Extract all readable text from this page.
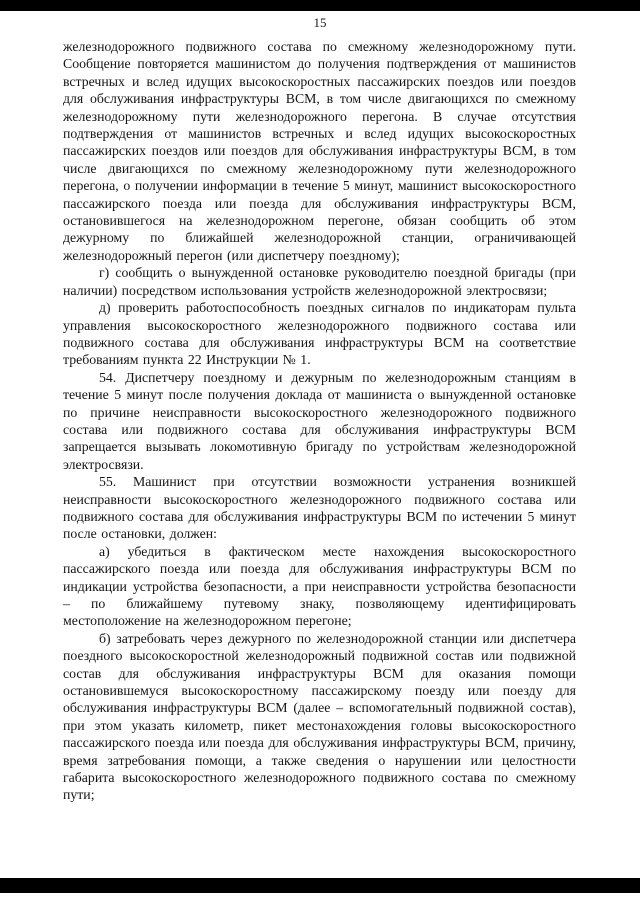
15

железнодорожного подвижного состава по смежному железнодорожному пути. Сообщение повторяется машинистом до получения подтверждения от машинистов встречных и вслед идущих высокоскоростных пассажирских поездов или поездов для обслуживания инфраструктуры ВСМ, в том числе двигающихся по смежному железнодорожному пути железнодорожного перегона. В случае отсутствия подтверждения от машинистов встречных и вслед идущих высокоскоростных пассажирских поездов или поездов для обслуживания инфраструктуры ВСМ, в том числе двигающихся по смежному железнодорожному пути железнодорожного перегона, о получении информации в течение 5 минут, машинист высокоскоростного пассажирского поезда или поезда для обслуживания инфраструктуры ВСМ, остановившегося на железнодорожном перегоне, обязан сообщить об этом дежурному по ближайшей железнодорожной станции, ограничивающей железнодорожный перегон (или диспетчеру поездному);

г) сообщить о вынужденной остановке руководителю поездной бригады (при наличии) посредством использования устройств железнодорожной электросвязи;

д) проверить работоспособность поездных сигналов по индикаторам пульта управления высокоскоростного железнодорожного подвижного состава или подвижного состава для обслуживания инфраструктуры ВСМ на соответствие требованиям пункта 22 Инструкции № 1.

54. Диспетчеру поездному и дежурным по железнодорожным станциям в течение 5 минут после получения доклада от машиниста о вынужденной остановке по причине неисправности высокоскоростного железнодорожного подвижного состава или подвижного состава для обслуживания инфраструктуры ВСМ запрещается вызывать локомотивную бригаду по устройствам железнодорожной электросвязи.

55. Машинист при отсутствии возможности устранения возникшей неисправности высокоскоростного железнодорожного подвижного состава или подвижного состава для обслуживания инфраструктуры ВСМ по истечении 5 минут после остановки, должен:

а) убедиться в фактическом месте нахождения высокоскоростного пассажирского поезда или поезда для обслуживания инфраструктуры ВСМ по индикации устройства безопасности, а при неисправности устройства безопасности – по ближайшему путевому знаку, позволяющему идентифицировать местоположение на железнодорожном перегоне;

б) затребовать через дежурного по железнодорожной станции или диспетчера поездного высокоскоростной железнодорожный подвижной состав или подвижной состав для обслуживания инфраструктуры ВСМ для оказания помощи остановившемуся высокоскоростному пассажирскому поезду или поезду для обслуживания инфраструктуры ВСМ (далее – вспомогательный подвижной состав), при этом указать километр, пикет местонахождения головы высокоскоростного пассажирского поезда или поезда для обслуживания инфраструктуры ВСМ, причину, время затребования помощи, а также сведения о нарушении или целостности габарита высокоскоростного железнодорожного подвижного состава по смежному пути;
